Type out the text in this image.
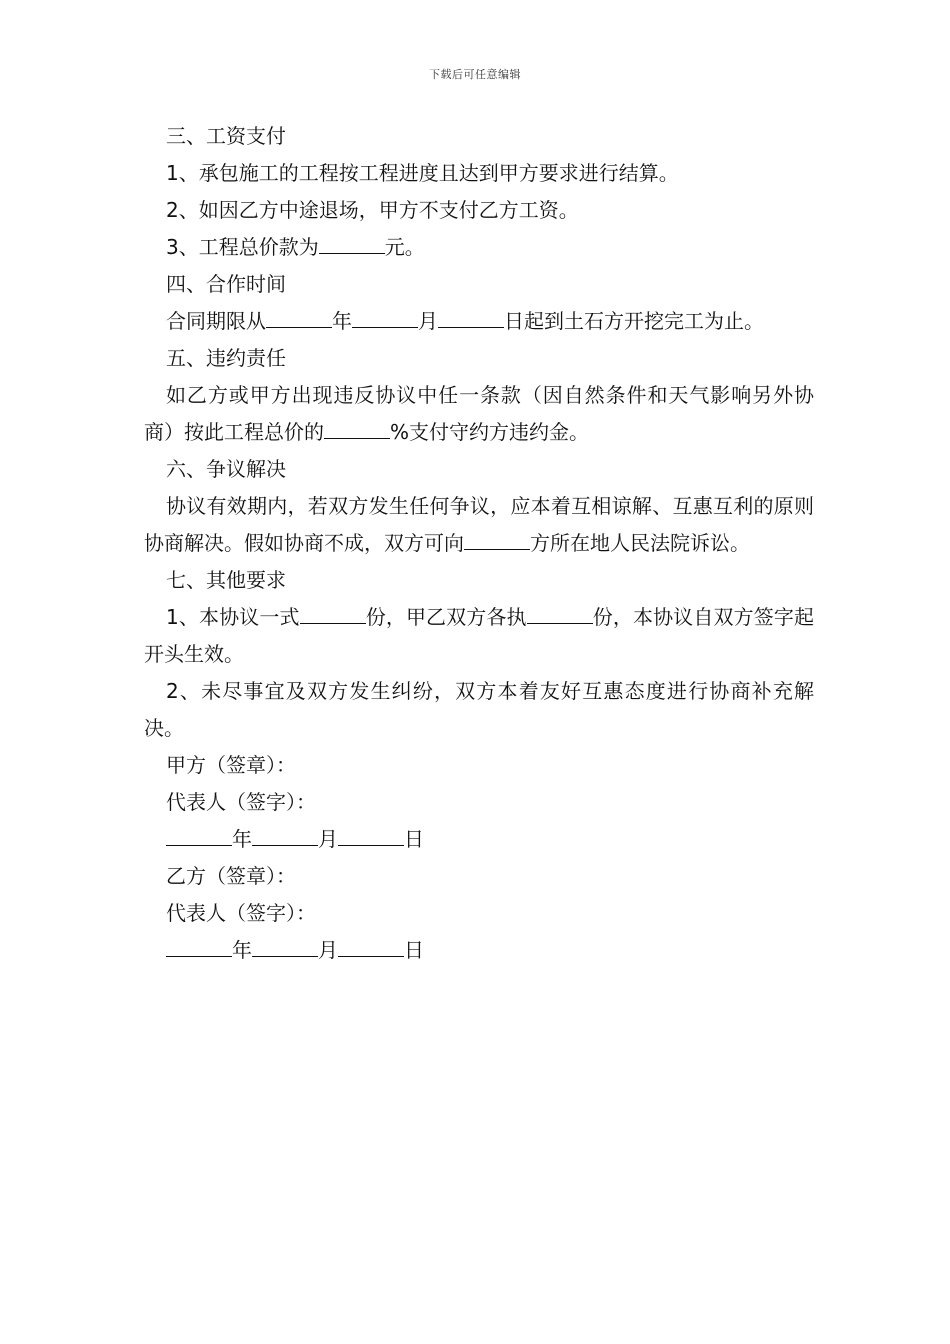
下载后可任意编辑
三、工资支付
1、承包施工的工程按工程进度且达到甲方要求进行结算。
2、如因乙方中途退场，甲方不支付乙方工资。
3、工程总价款为	元。
四、合作时间
合同期限从	年	月	日起到土石方开挖完工为止。
五、违约责任
如乙方或甲方出现违反协议中任一条款（因自然条件和天气影响另外协商）按此工程总价的	%支付守约方违约金。
六、争议解决
协议有效期内，若双方发生任何争议，应本着互相谅解、互惠互利的原则协商解决。假如协商不成，双方可向	方所在地人民法院诉讼。
七、其他要求
1、本协议一式	份，甲乙双方各执	份，本协议自双方签字起开头生效。
2、未尽事宜及双方发生纠纷，双方本着友好互惠态度进行协商补充解决。
甲方（签章）：
代表人（签字）：
年	月	日
乙方（签章）：
代表人（签字）：
年	月	日
